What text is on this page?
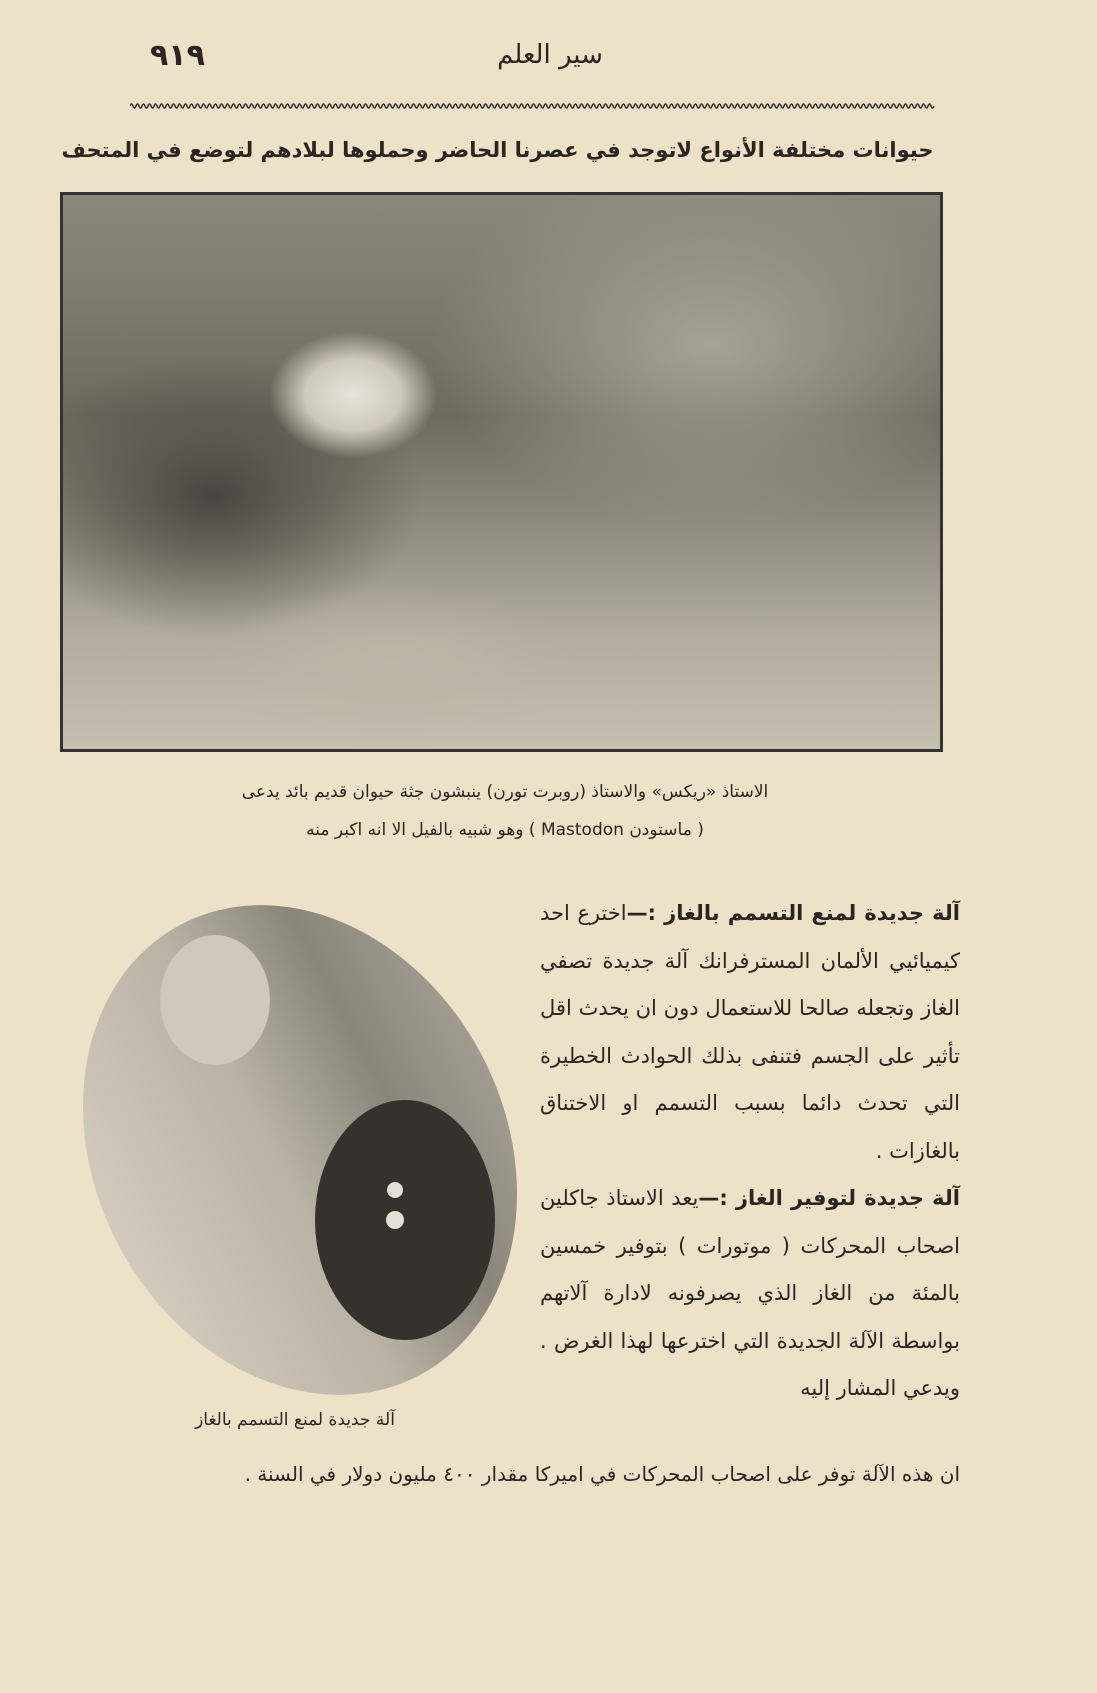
٩١٩	سير العلم
حيوانات مختلفة الأنواع لاتوجد في عصرنا الحاضر وحملوها لبلادهم لتوضع في المتحف
الاستاذ «ريكس» والاستاذ (روبرت تورن) ينبشون جثة حيوان قديم بائد يدعى
( ماستودن Mastodon ) وهو شبيه بالفيل الا انه اكبر منه

آلة جديدة لمنع التسمم بالغاز :—اخترع احد كيميائيي الألمان المسترفرانك آلة جديدة تصفي الغاز وتجعله صالحا للاستعمال دون ان يحدث اقل تأثير على الجسم فتنفى بذلك الحوادث الخطيرة التي تحدث دائما بسبب التسمم او الاختناق بالغازات .

آلة جديدة لتوفير الغاز :—يعد الاستاذ جاكلين اصحاب المحركات ( موتورات ) بتوفير خمسين بالمئة من الغاز الذي يصرفونه لادارة آلاتهم بواسطة الآلة الجديدة التي اخترعها لهذا الغرض . ويدعي المشار إليه

آلة جديدة لمنع التسمم بالغاز
ان هذه الآلة توفر على اصحاب المحركات في اميركا مقدار ٤٠٠ مليون دولار في السنة .
